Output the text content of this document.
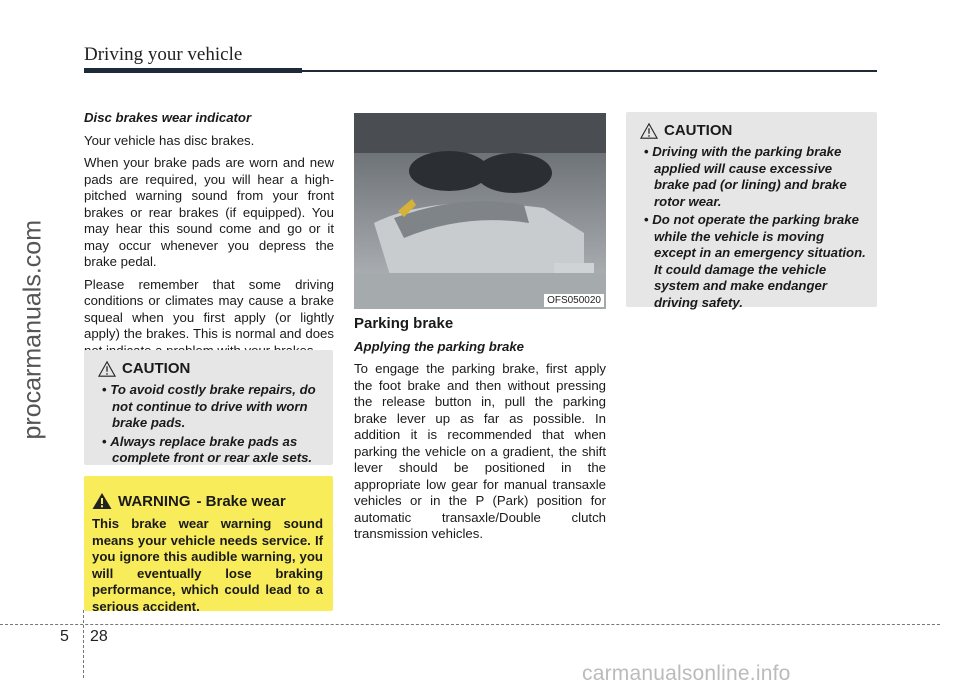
Driving your vehicle
procarmanuals.com

Disc brakes wear indicator

Your vehicle has disc brakes.

When your brake pads are worn and new pads are required, you will hear a high-pitched warning sound from your front brakes or rear brakes (if equipped). You may hear this sound come and go or it may occur whenever you depress the brake pedal.

Please remember that some driving conditions or climates may cause a brake squeal when you first apply (or lightly apply) the brakes. This is normal and does

CAUTION
• To avoid costly brake repairs, do not continue to drive with worn brake pads.
• Always replace brake pads as complete front or rear axle sets.
WARNING - Brake wear
This brake wear warning sound means your vehicle needs service. If you ignore this audible warning, you will eventually lose braking performance, which could lead to a serious accident.
OFS050020

Parking brake

Applying the parking brake

To engage the parking brake, first apply the foot brake and then without pressing the release button in, pull the parking brake lever up as far as possible. In addition it is recommended that when parking the vehicle on a gradient, the shift lever should be positioned in the appropriate low gear for manual transaxle vehicles or in the P (Park) position for automatic transaxle/Double clutch transmission vehicles.

CAUTION
• Driving with the parking brake applied will cause excessive brake pad (or lining) and brake rotor wear.
• Do not operate the parking brake while the vehicle is moving except in an emergency situation. It could damage the vehicle system and make endanger driving safety.
5 28
carmanualsonline.info
